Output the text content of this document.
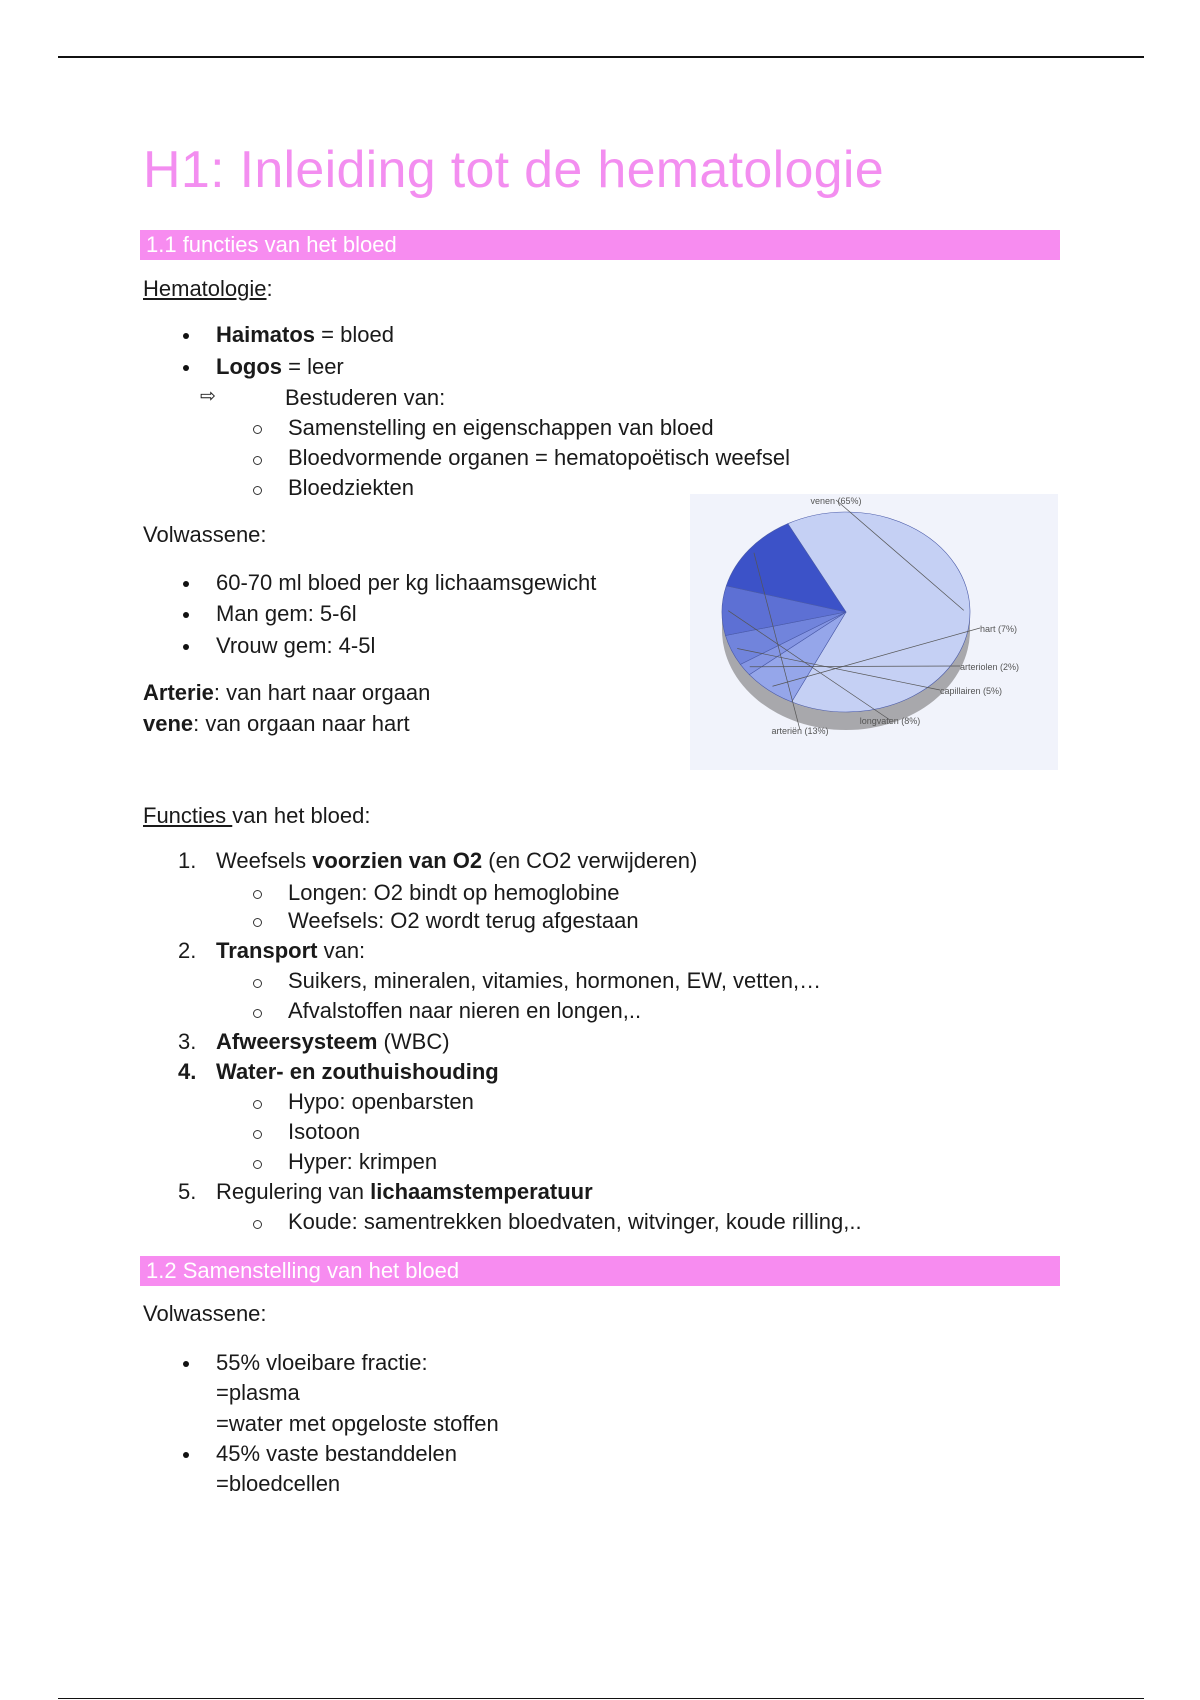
H1: Inleiding tot de hematologie
1.1 functies van het bloed
Hematologie:
Haimatos = bloed
Logos = leer
⇨	Bestuderen van:
Samenstelling en eigenschappen van bloed
Bloedvormende organen = hematopoëtisch weefsel
Bloedziekten
Volwassene:
60-70 ml bloed per kg lichaamsgewicht
Man gem: 5-6l
Vrouw gem: 4-5l
Arterie: van hart naar orgaan
vene: van orgaan naar hart
venen (65%)
hart (7%)
arteriolen (2%)
capillairen (5%)
longvaten (8%)
arteriën (13%)
Functies van het bloed:
1. Weefsels voorzien van O2 (en CO2 verwijderen)
Longen: O2 bindt op hemoglobine
Weefsels: O2 wordt terug afgestaan
2. Transport van:
Suikers, mineralen, vitamies, hormonen, EW, vetten,…
Afvalstoffen naar nieren en longen,..
3. Afweersysteem (WBC)
4. Water- en zouthuishouding
Hypo: openbarsten
Isotoon
Hyper: krimpen
5. Regulering van lichaamstemperatuur
Koude: samentrekken bloedvaten, witvinger, koude rilling,..
1.2 Samenstelling van het bloed
Volwassene:
55% vloeibare fractie:
=plasma
=water met opgeloste stoffen
45% vaste bestanddelen
=bloedcellen
